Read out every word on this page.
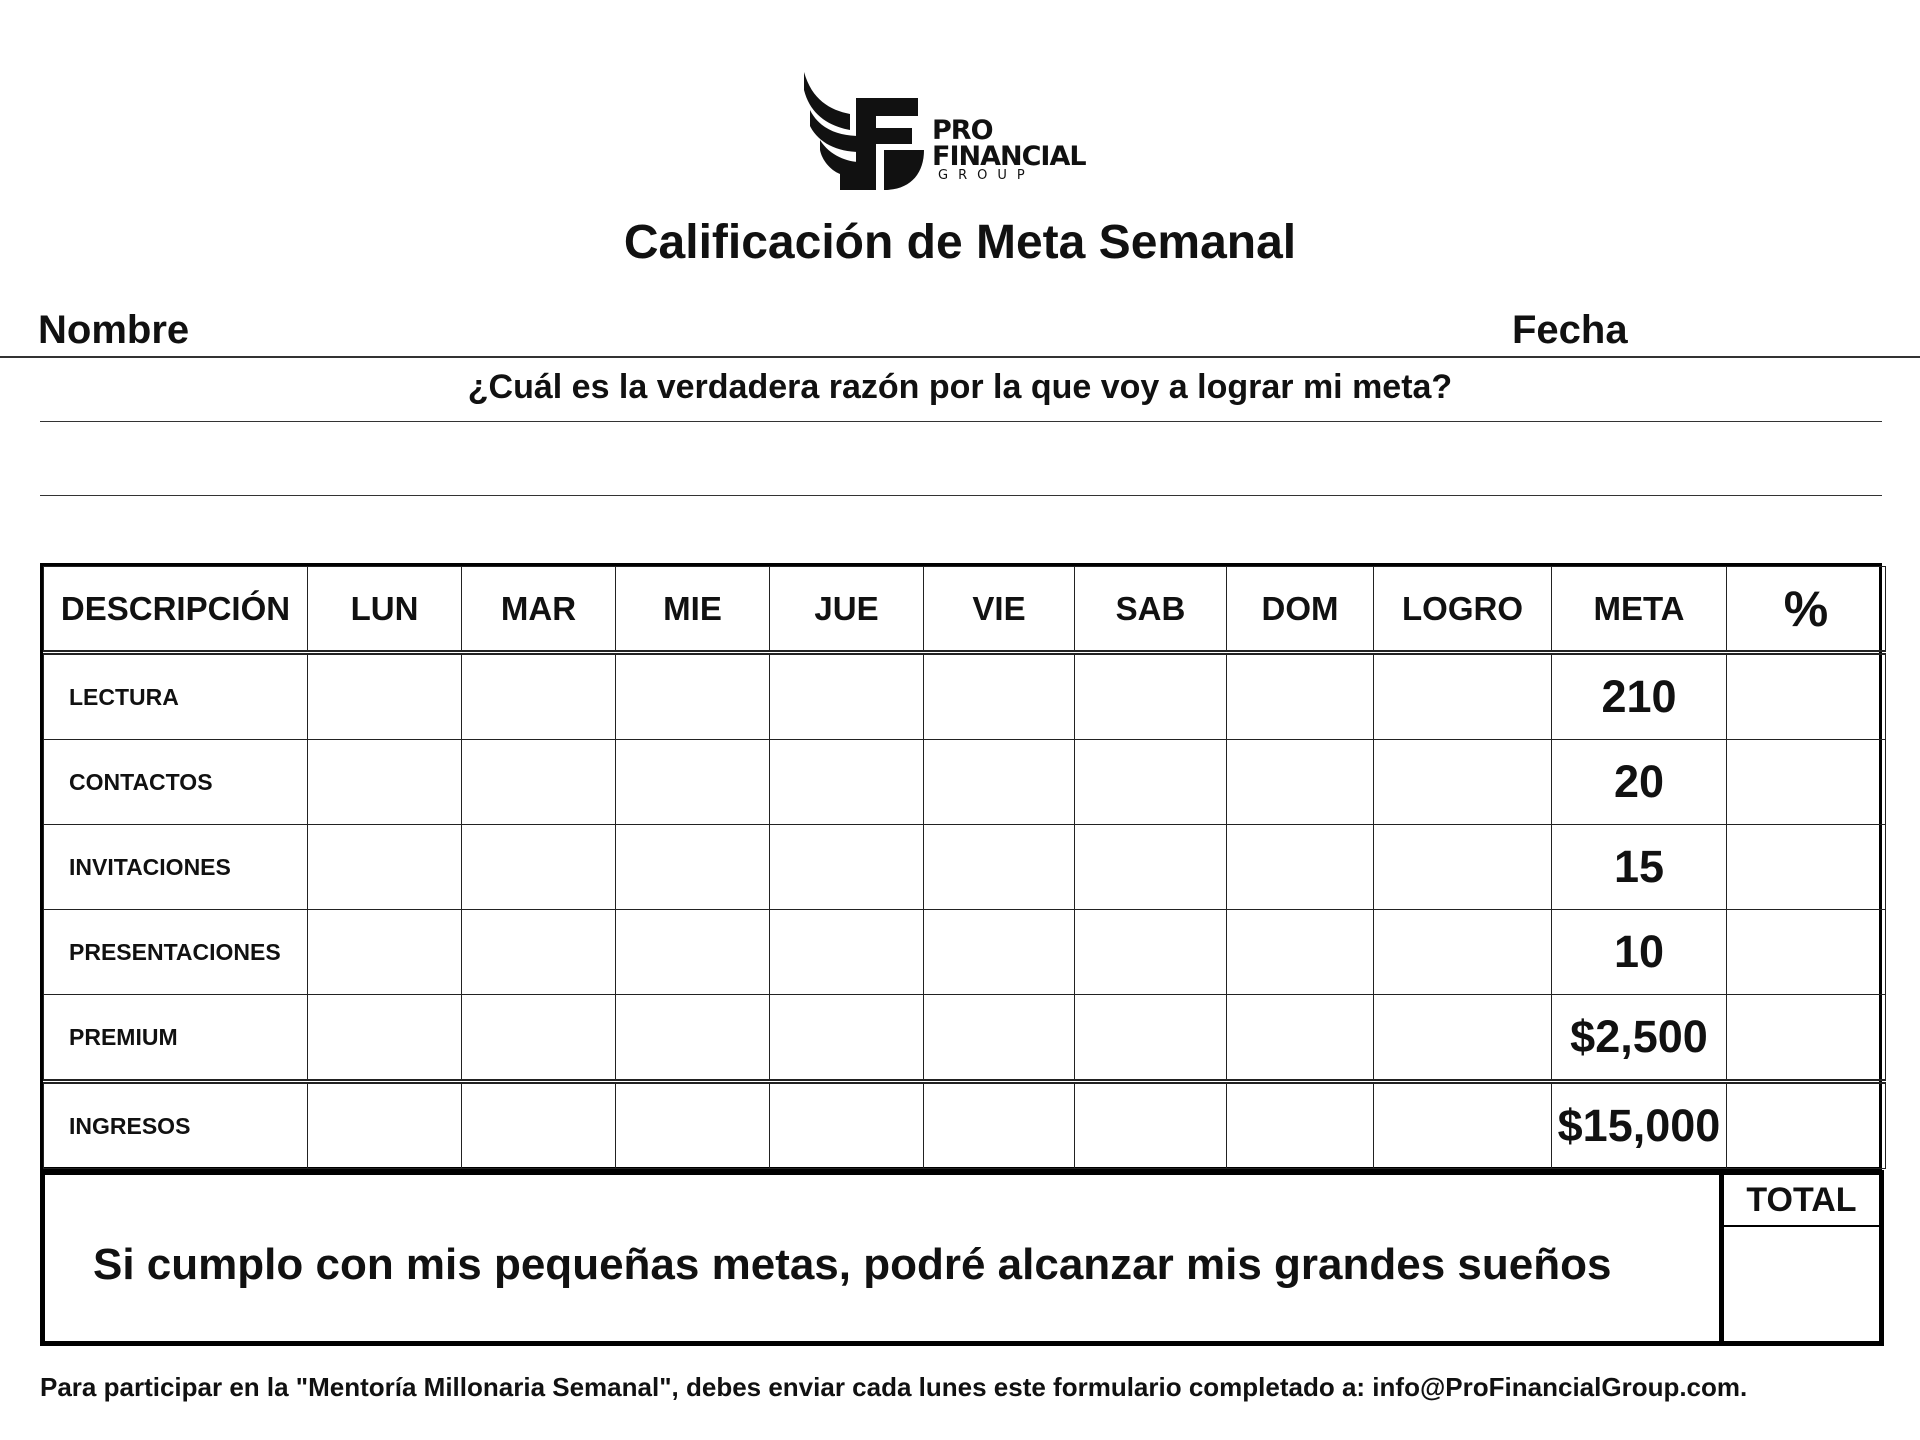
PRO
FINANCIAL
GROUP
Calificación de Meta Semanal
Nombre	Fecha
¿Cuál es la verdadera razón por la que voy a lograr mi meta?
DESCRIPCIÓN	LUN	MAR	MIE	JUE	VIE	SAB	DOM	LOGRO	META	%
LECTURA									210	
CONTACTOS									20	
INVITACIONES									15	
PRESENTACIONES									10	
PREMIUM									$2,500	
INGRESOS									$15,000	
Si cumplo con mis pequeñas metas, podré alcanzar mis grandes sueños
TOTAL
Para participar en la "Mentoría Millonaria Semanal", debes enviar cada lunes este formulario completado a: info@ProFinancialGroup.com.
